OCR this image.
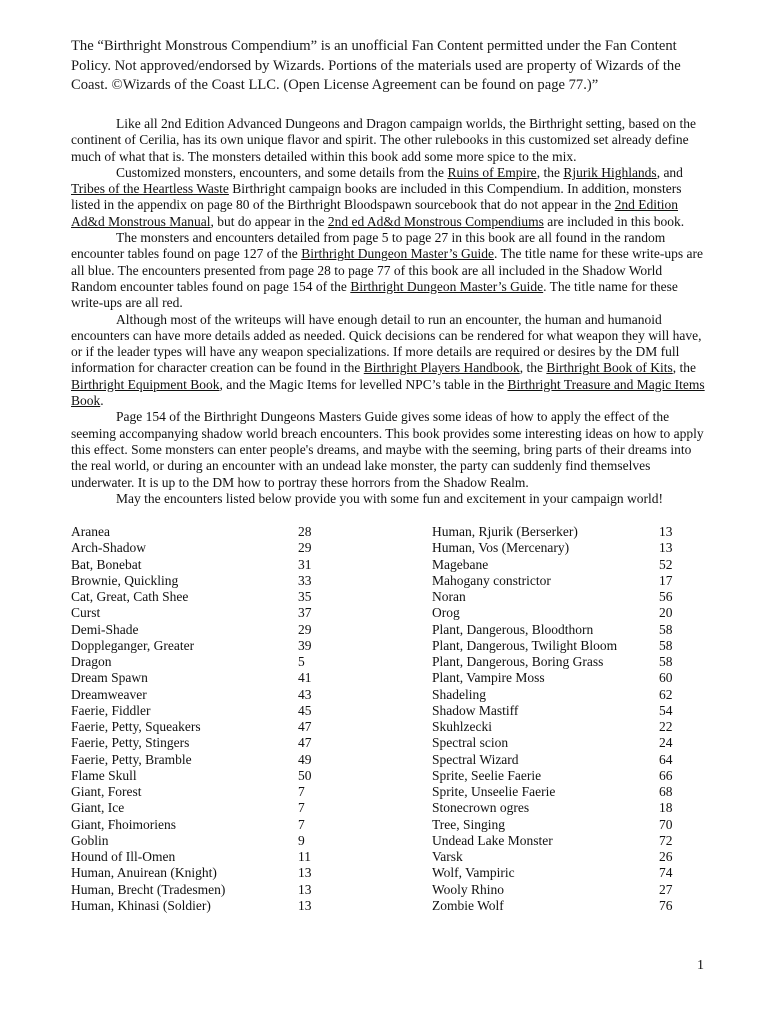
The “Birthright Monstrous Compendium” is an unofficial Fan Content permitted under the Fan Content Policy. Not approved/endorsed by Wizards. Portions of the materials used are property of Wizards of the Coast. ©Wizards of the Coast LLC. (Open License Agreement can be found on page 77.)”

Like all 2nd Edition Advanced Dungeons and Dragon campaign worlds, the Birthright setting, based on the continent of Cerilia, has its own unique flavor and spirit. The other rulebooks in this customized set already define much of what that is. The monsters detailed within this book add some more spice to the mix.

Customized monsters, encounters, and some details from the Ruins of Empire, the Rjurik Highlands, and Tribes of the Heartless Waste Birthright campaign books are included in this Compendium. In addition, monsters listed in the appendix on page 80 of the Birthright Bloodspawn sourcebook that do not appear in the 2nd Edition Ad&d Monstrous Manual, but do appear in the 2nd ed Ad&d Monstrous Compendiums are included in this book.

The monsters and encounters detailed from page 5 to page 27 in this book are all found in the random encounter tables found on page 127 of the Birthright Dungeon Master’s Guide. The title name for these write-ups are all blue. The encounters presented from page 28 to page 77 of this book are all included in the Shadow World Random encounter tables found on page 154 of the Birthright Dungeon Master’s Guide. The title name for these write-ups are all red.

Although most of the writeups will have enough detail to run an encounter, the human and humanoid encounters can have more details added as needed. Quick decisions can be rendered for what weapon they will have, or if the leader types will have any weapon specializations. If more details are required or desires by the DM full information for character creation can be found in the Birthright Players Handbook, the Birthright Book of Kits, the Birthright Equipment Book, and the Magic Items for levelled NPC’s table in the Birthright Treasure and Magic Items Book.

Page 154 of the Birthright Dungeons Masters Guide gives some ideas of how to apply the effect of the seeming accompanying shadow world breach encounters. This book provides some interesting ideas on how to apply this effect. Some monsters can enter people's dreams, and maybe with the seeming, bring parts of their dreams into the real world, or during an encounter with an undead lake monster, the party can suddenly find themselves underwater. It is up to the DM how to portray these horrors from the Shadow Realm.

May the encounters listed below provide you with some fun and excitement in your campaign world!

Aranea	28
Arch-Shadow	29
Bat, Bonebat	31
Brownie, Quickling	33
Cat, Great, Cath Shee	35
Curst	37
Demi-Shade	29
Doppleganger, Greater	39
Dragon	5
Dream Spawn	41
Dreamweaver	43
Faerie, Fiddler	45
Faerie, Petty, Squeakers	47
Faerie, Petty, Stingers	47
Faerie, Petty, Bramble	49
Flame Skull	50
Giant, Forest	7
Giant, Ice	7
Giant, Fhoimoriens	7
Goblin	9
Hound of Ill-Omen	11
Human, Anuirean (Knight)	13
Human, Brecht (Tradesmen)	13
Human, Khinasi (Soldier)	13
Human, Rjurik (Berserker)	13
Human, Vos (Mercenary)	13
Magebane	52
Mahogany constrictor	17
Noran	56
Orog	20
Plant, Dangerous, Bloodthorn	58
Plant, Dangerous, Twilight Bloom	58
Plant, Dangerous, Boring Grass	58
Plant, Vampire Moss	60
Shadeling	62
Shadow Mastiff	54
Skuhlzecki	22
Spectral scion	24
Spectral Wizard	64
Sprite, Seelie Faerie	66
Sprite, Unseelie Faerie	68
Stonecrown ogres	18
Tree, Singing	70
Undead Lake Monster	72
Varsk	26
Wolf, Vampiric	74
Wooly Rhino	27
Zombie Wolf	76
1
